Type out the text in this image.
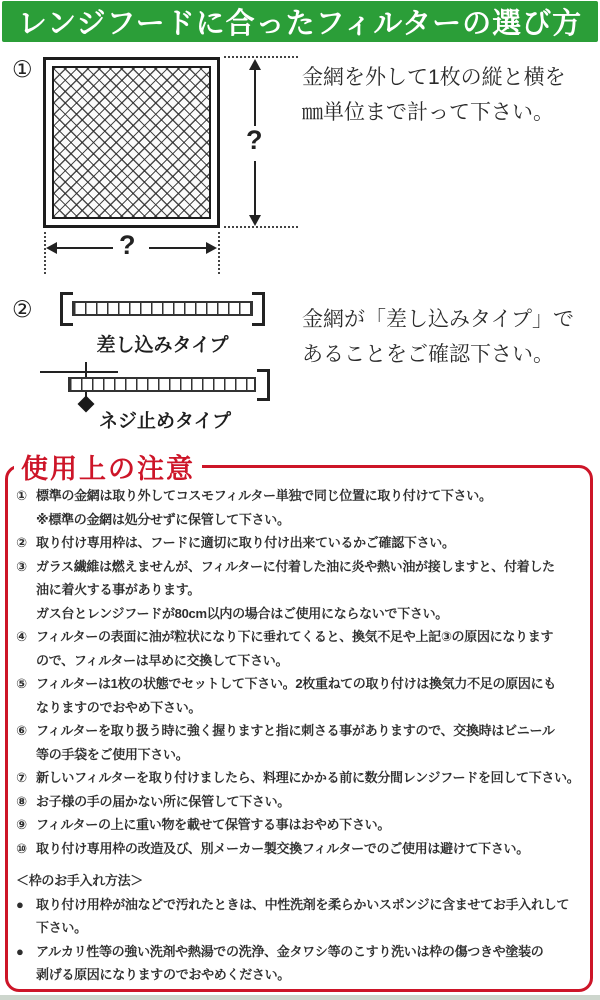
レンジフードに合ったフィルターの選び方
①
?
?
金網を外して1枚の縦と横を
㎜単位まで計って下さい。
②
差し込みタイプ
ネジ止めタイプ
金網が「差し込みタイプ」で
あることをご確認下さい。
使用上の注意
① 標準の金網は取り外してコスモフィルター単独で同じ位置に取り付けて下さい。
※標準の金網は処分せずに保管して下さい。
② 取り付け専用枠は、フードに適切に取り付け出来ているかご確認下さい。
③ ガラス繊維は燃えませんが、フィルターに付着した油に炎や熱い油が接しますと、付着した
油に着火する事があります。
ガス台とレンジフードが80cm以内の場合はご使用にならないで下さい。
④ フィルターの表面に油が粒状になり下に垂れてくると、換気不足や上記③の原因になります
ので、フィルターは早めに交換して下さい。
⑤ フィルターは1枚の状態でセットして下さい。2枚重ねての取り付けは換気力不足の原因にも
なりますのでおやめ下さい。
⑥ フィルターを取り扱う時に強く握りますと指に刺さる事がありますので、交換時はビニール
等の手袋をご使用下さい。
⑦ 新しいフィルターを取り付けましたら、料理にかかる前に数分間レンジフードを回して下さい。
⑧ お子様の手の届かない所に保管して下さい。
⑨ フィルターの上に重い物を載せて保管する事はおやめ下さい。
⑩ 取り付け専用枠の改造及び、別メーカー製交換フィルターでのご使用は避けて下さい。
＜枠のお手入れ方法＞
● 取り付け用枠が油などで汚れたときは、中性洗剤を柔らかいスポンジに含ませてお手入れして
下さい。
● アルカリ性等の強い洗剤や熱湯での洗浄、金タワシ等のこすり洗いは枠の傷つきや塗装の
剥げる原因になりますのでおやめください。
